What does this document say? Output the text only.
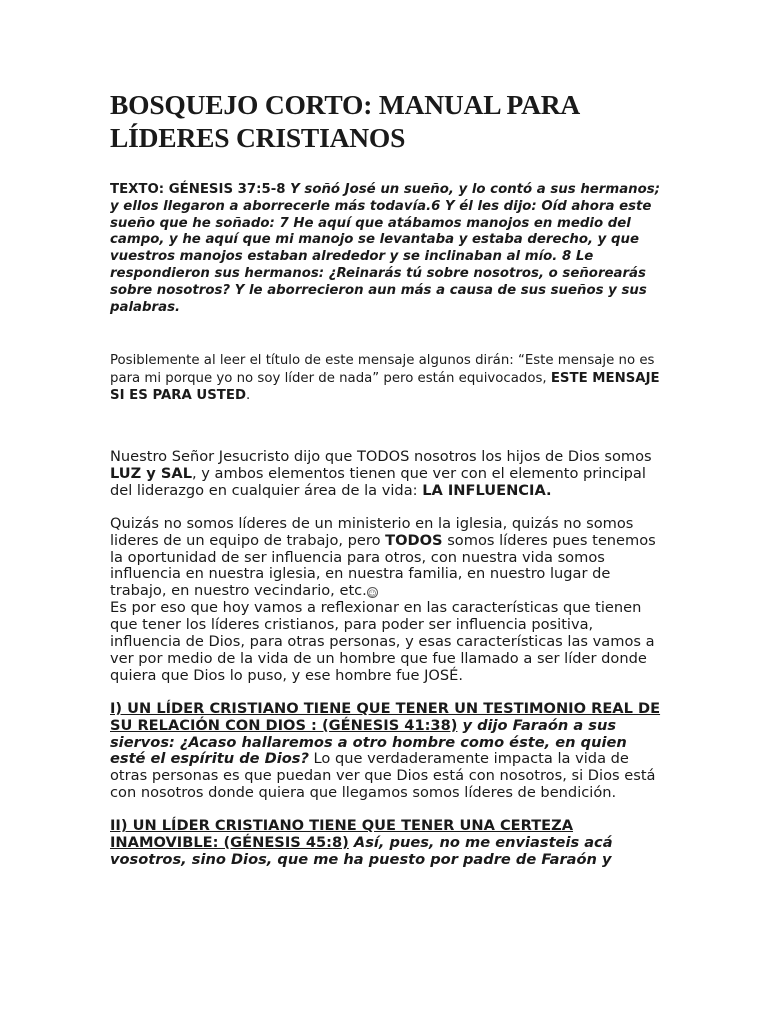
BOSQUEJO CORTO: MANUAL PARA LÍDERES CRISTIANOS

TEXTO: GÉNESIS 37:5-8 Y soñó José un sueño, y lo contó a sus hermanos; y ellos llegaron a aborrecerle más todavía.6 Y él les dijo: Oíd ahora este sueño que he soñado: 7 He aquí que atábamos manojos en medio del campo, y he aquí que mi manojo se levantaba y estaba derecho, y que vuestros manojos estaban alrededor y se inclinaban al mío. 8 Le respondieron sus hermanos: ¿Reinarás tú sobre nosotros, o señorearás sobre nosotros? Y le aborrecieron aun más a causa de sus sueños y sus palabras.

Posiblemente al leer el título de este mensaje algunos dirán: “Este mensaje no es para mi porque yo no soy líder de nada” pero están equivocados, ESTE MENSAJE SI ES PARA USTED.

Nuestro Señor Jesucristo dijo que TODOS nosotros los hijos de Dios somos LUZ y SAL, y ambos elementos tienen que ver con el elemento principal del liderazgo en cualquier área de la vida: LA INFLUENCIA.

Quizás no somos líderes de un ministerio en la iglesia, quizás no somos lideres de un equipo de trabajo, pero TODOS somos líderes pues tenemos la oportunidad de ser influencia para otros, con nuestra vida somos influencia en nuestra iglesia, en nuestra familia, en nuestro lugar de trabajo, en nuestro vecindario, etc.☺

Es por eso que hoy vamos a reflexionar en las características que tienen que tener los líderes cristianos, para poder ser influencia positiva, influencia de Dios, para otras personas, y esas características las vamos a ver por medio de la vida de un hombre que fue llamado a ser líder donde quiera que Dios lo puso, y ese hombre fue JOSÉ.

I) UN LÍDER CRISTIANO TIENE QUE TENER UN TESTIMONIO REAL DE SU RELACIÓN CON DIOS : (GÉNESIS 41:38) y dijo Faraón a sus siervos: ¿Acaso hallaremos a otro hombre como éste, en quien esté el espíritu de Dios? Lo que verdaderamente impacta la vida de otras personas es que puedan ver que Dios está con nosotros, si Dios está con nosotros donde quiera que llegamos somos líderes de bendición.

II) UN LÍDER CRISTIANO TIENE QUE TENER UNA CERTEZA INAMOVIBLE: (GÉNESIS 45:8) Así, pues, no me enviasteis acá vosotros, sino Dios, que me ha puesto por padre de Faraón y
